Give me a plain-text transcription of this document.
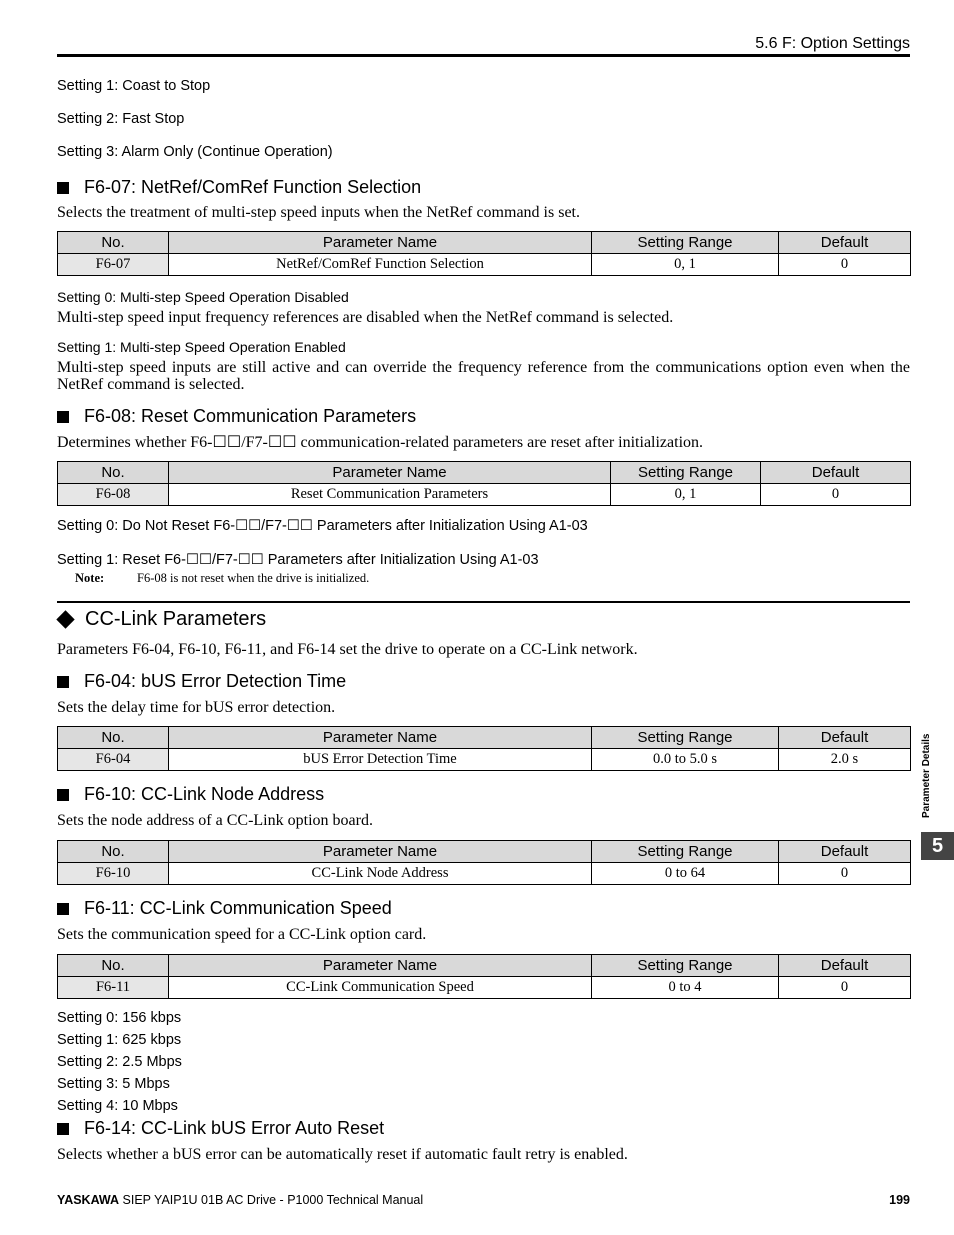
5.6 F: Option Settings
Setting 1: Coast to Stop
Setting 2: Fast Stop
Setting 3: Alarm Only (Continue Operation)
F6-07: NetRef/ComRef Function Selection
Selects the treatment of multi-step speed inputs when the NetRef command is set.
No.	Parameter Name	Setting Range	Default
F6-07	NetRef/ComRef Function Selection	0, 1	0
Setting 0: Multi-step Speed Operation Disabled
Multi-step speed input frequency references are disabled when the NetRef command is selected.
Setting 1: Multi-step Speed Operation Enabled
Multi-step speed inputs are still active and can override the frequency reference from the communications option even when the NetRef command is selected.
F6-08: Reset Communication Parameters
Determines whether F6-☐☐/F7-☐☐ communication-related parameters are reset after initialization.
No.	Parameter Name	Setting Range	Default
F6-08	Reset Communication Parameters	0, 1	0
Setting 0: Do Not Reset F6-☐☐/F7-☐☐ Parameters after Initialization Using A1-03
Setting 1: Reset F6-☐☐/F7-☐☐ Parameters after Initialization Using A1-03
Note:	F6-08 is not reset when the drive is initialized.
CC-Link Parameters
Parameters F6-04, F6-10, F6-11, and F6-14 set the drive to operate on a CC-Link network.
F6-04: bUS Error Detection Time
Sets the delay time for bUS error detection.
No.	Parameter Name	Setting Range	Default
F6-04	bUS Error Detection Time	0.0 to 5.0 s	2.0 s
F6-10: CC-Link Node Address
Sets the node address of a CC-Link option board.
No.	Parameter Name	Setting Range	Default
F6-10	CC-Link Node Address	0 to 64	0
F6-11: CC-Link Communication Speed
Sets the communication speed for a CC-Link option card.
No.	Parameter Name	Setting Range	Default
F6-11	CC-Link Communication Speed	0 to 4	0
Setting 0: 156 kbps
Setting 1: 625 kbps
Setting 2: 2.5 Mbps
Setting 3: 5 Mbps
Setting 4: 10 Mbps
F6-14: CC-Link bUS Error Auto Reset
Selects whether a bUS error can be automatically reset if automatic fault retry is enabled.
Parameter Details
5
YASKAWA SIEP YAIP1U 01B AC Drive - P1000 Technical Manual	199
